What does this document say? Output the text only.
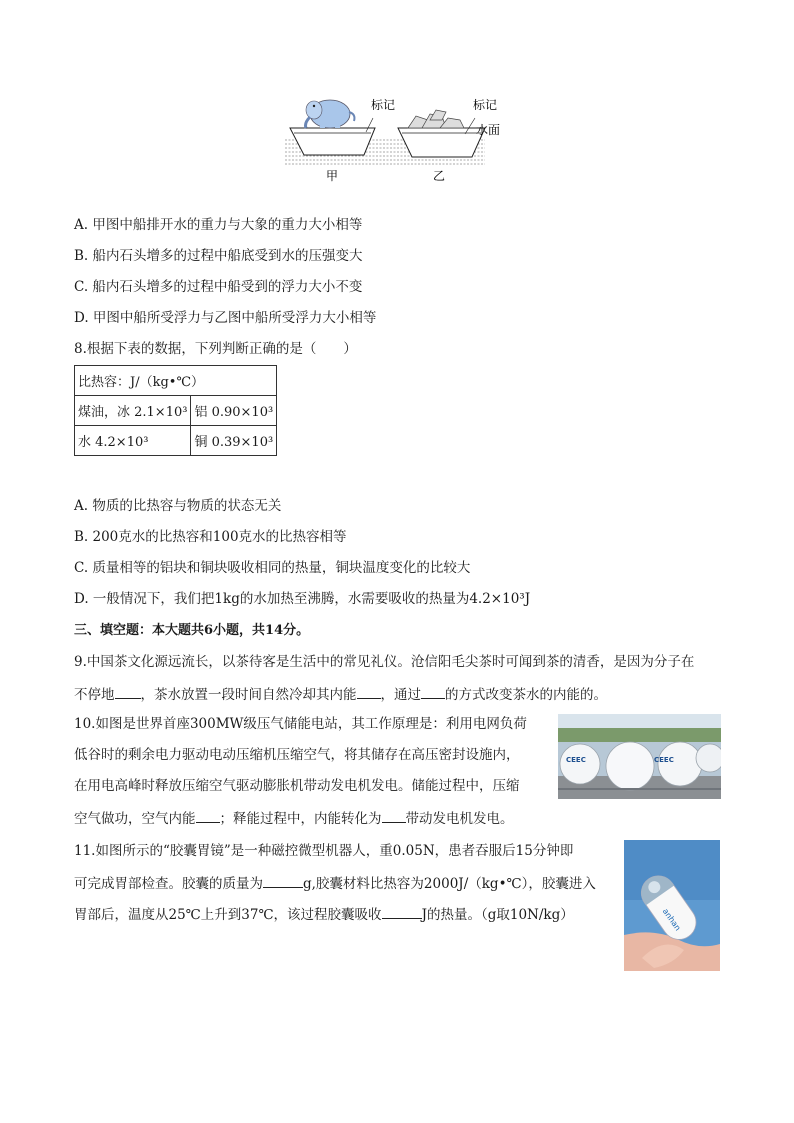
标记	标记
水面
甲	乙
A. 甲图中船排开水的重力与大象的重力大小相等
B. 船内石头增多的过程中船底受到水的压强变大
C. 船内石头增多的过程中船受到的浮力大小不变
D. 甲图中船所受浮力与乙图中船所受浮力大小相等
8.根据下表的数据，下列判断正确的是（　　）
比热容：J/（kg•℃）	
煤油，冰 2.1×10³	铝 0.90×10³
水 4.2×10³	铜 0.39×10³
A. 物质的比热容与物质的状态无关
B. 200克水的比热容和100克水的比热容相等
C. 质量相等的铝块和铜块吸收相同的热量，铜块温度变化的比较大
D. 一般情况下，我们把1kg的水加热至沸腾，水需要吸收的热量为4.2×10³J
三、填空题：本大题共6小题，共14分。
9.中国茶文化源远流长，以茶待客是生活中的常见礼仪。沧信阳毛尖茶时可闻到茶的清香，是因为分子在
不停地 ，茶水放置一段时间自然冷却其内能 ，通过 的方式改变茶水的内能的。
10.如图是世界首座300MW级压气储能电站，其工作原理是：利用电网负荷
低谷时的剩余电力驱动电动压缩机压缩空气，将其储存在高压密封设施内，
在用电高峰时释放压缩空气驱动膨胀机带动发电机发电。储能过程中，压缩
空气做功，空气内能 ；释能过程中，内能转化为 带动发电机发电。
CEEC	CEEC
11.如图所示的“胶囊胃镜”是一种磁控微型机器人，重0.05N，患者吞服后15分钟即
可完成胃部检查。胶囊的质量为	g,胶囊材料比热容为2000J/（kg•℃），胶囊进入
胃部后，温度从25℃上升到37℃，该过程胶囊吸收	J的热量。（g取10N/kg）	anhan
